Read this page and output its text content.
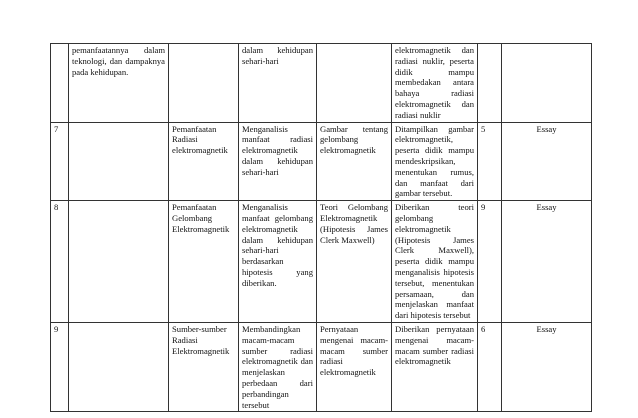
	pemanfaatannya dalam teknologi, dan dampaknya pada kehidupan.		dalam kehidupan sehari-hari		elektromagnetik dan radiasi nuklir, peserta didik mampu membedakan antara bahaya radiasi elektromagnetik dan radiasi nuklir		
7		Pemanfaatan Radiasi elektromagnetik	Menganalisis manfaat radiasi elektromagnetik dalam kehidupan sehari-hari	Gambar tentang gelombang elektromagnetik	Ditampilkan gambar elektromagnetik, peserta didik mampu mendeskripsikan, menentukan rumus, dan manfaat dari gambar tersebut.	5	Essay
8		Pemanfaatan Gelombang Elektromagnetik	Menganalisis manfaat gelombang elektromagnetik dalam kehidupan sehari-hari berdasarkan hipotesis yang diberikan.	Teori Gelombang Elektromagnetik (Hipotesis James Clerk Maxwell)	Diberikan teori gelombang elektromagnetik (Hipotesis James Clerk Maxwell), peserta didik mampu menganalisis hipotesis tersebut, menentukan persamaan, dan menjelaskan manfaat dari hipotesis tersebut	9	Essay
9		Sumber-sumber Radiasi Elektromagnetik	Membandingkan macam-macam sumber radiasi elektromagnetik dan menjelaskan perbedaan dari perbandingan tersebut	Pernyataan mengenai macam-macam sumber radiasi elektromagnetik	Diberikan pernyataan mengenai macam-macam sumber radiasi elektromagnetik	6	Essay
